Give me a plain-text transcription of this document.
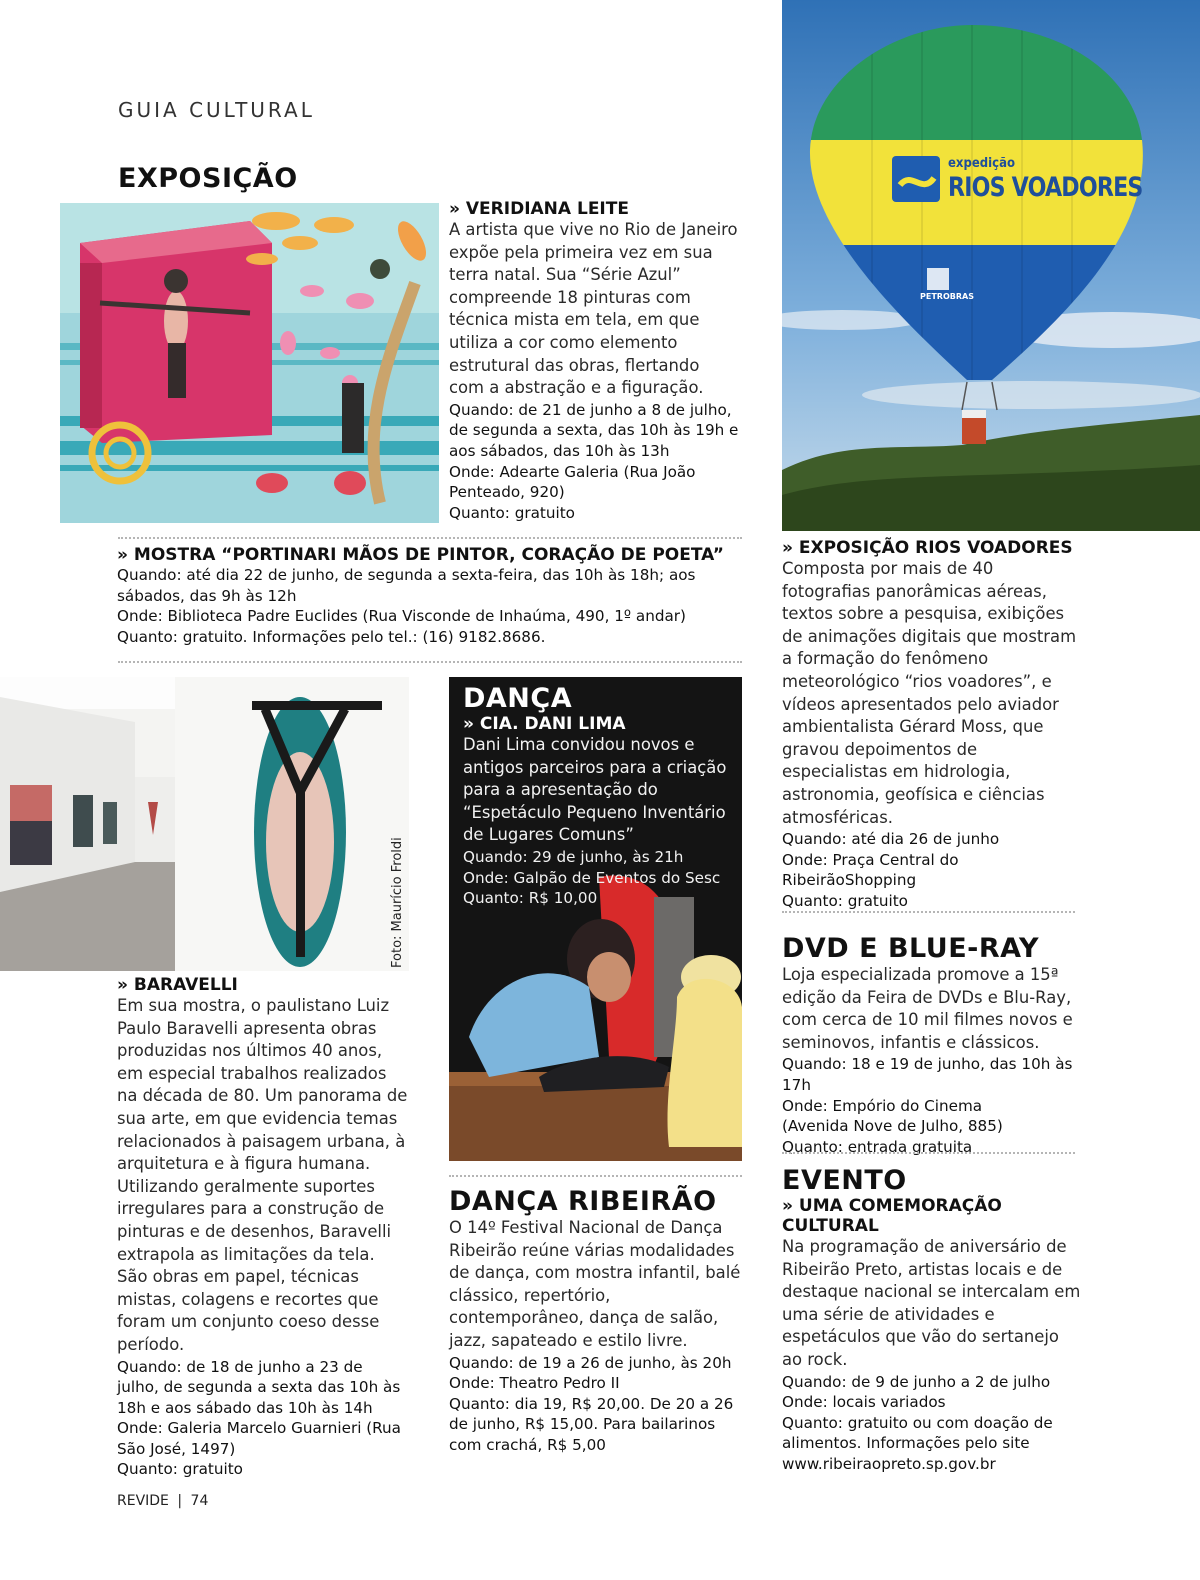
GUIA CULTURAL
EXPOSIÇÃO
» VERIDIANA LEITE
A artista que vive no Rio de Janeiro expõe pela primeira vez em sua terra natal. Sua “Série Azul” compreende 18 pinturas com técnica mista em tela, em que utiliza a cor como elemento estrutural das obras, flertando com a abstração e a figuração.
Quando: de 21 de junho a 8 de julho, de segunda a sexta, das 10h às 19h e aos sábados, das 10h às 13h
Onde: Adearte Galeria (Rua João Penteado, 920)
Quanto: gratuito
» MOSTRA “PORTINARI MÃOS DE PINTOR, CORAÇÃO DE POETA”
Quando: até dia 22 de junho, de segunda a sexta-feira, das 10h às 18h; aos sábados, das 9h às 12h
Onde: Biblioteca Padre Euclides (Rua Visconde de Inhaúma, 490, 1º andar)
Quanto: gratuito. Informações pelo tel.: (16) 9182.8686.
Foto: Maurício Froldi
» BARAVELLI
Em sua mostra, o paulistano Luiz Paulo Baravelli apresenta obras produzidas nos últimos 40 anos, em especial trabalhos realizados na década de 80. Um panorama de sua arte, em que evidencia temas relacionados à paisagem urbana, à arquitetura e à figura humana. Utilizando geralmente suportes irregulares para a construção de pinturas e de desenhos, Baravelli extrapola as limitações da tela. São obras em papel, técnicas mistas, colagens e recortes que foram um conjunto coeso desse período.
Quando: de 18 de junho a 23 de julho, de segunda a sexta das 10h às 18h e aos sábado das 10h às 14h
Onde: Galeria Marcelo Guarnieri (Rua São José, 1497)
Quanto: gratuito
DANÇA
» CIA. DANI LIMA
Dani Lima convidou novos e antigos parceiros para a criação para a apresentação do “Espetáculo Pequeno Inventário de Lugares Comuns”
Quando: 29 de junho, às 21h
Onde: Galpão de Eventos do Sesc
Quanto: R$ 10,00
DANÇA RIBEIRÃO
O 14º Festival Nacional de Dança Ribeirão reúne várias modalidades de dança, com mostra infantil, balé clássico, repertório, contemporâneo, dança de salão, jazz, sapateado e estilo livre.
Quando: de 19 a 26 de junho, às 20h
Onde: Theatro Pedro II
Quanto: dia 19, R$ 20,00. De 20 a 26 de junho, R$ 15,00. Para bailarinos com crachá, R$ 5,00
expedição
RIOS VOADORES
PETROBRAS
» EXPOSIÇÃO RIOS VOADORES
Composta por mais de 40 fotografias panorâmicas aéreas, textos sobre a pesquisa, exibições de animações digitais que mostram a formação do fenômeno meteorológico “rios voadores”, e vídeos apresentados pelo aviador ambientalista Gérard Moss, que gravou depoimentos de especialistas em hidrologia, astronomia, geofísica e ciências atmosféricas.
Quando: até dia 26 de junho
Onde: Praça Central do RibeirãoShopping
Quanto: gratuito
DVD E BLUE-RAY
Loja especializada promove a 15ª edição da Feira de DVDs e Blu-Ray, com cerca de 10 mil filmes novos e seminovos, infantis e clássicos.
Quando: 18 e 19 de junho, das 10h às 17h
Onde: Empório do Cinema (Avenida Nove de Julho, 885)
Quanto: entrada gratuita
EVENTO
» UMA COMEMORAÇÃO CULTURAL
Na programação de aniversário de Ribeirão Preto, artistas locais e de destaque nacional se intercalam em uma série de atividades e espetáculos que vão do sertanejo ao rock.
Quando: de 9 de junho a 2 de julho
Onde: locais variados
Quanto: gratuito ou com doação de alimentos. Informações pelo site www.ribeiraopreto.sp.gov.br
REVIDE | 74
